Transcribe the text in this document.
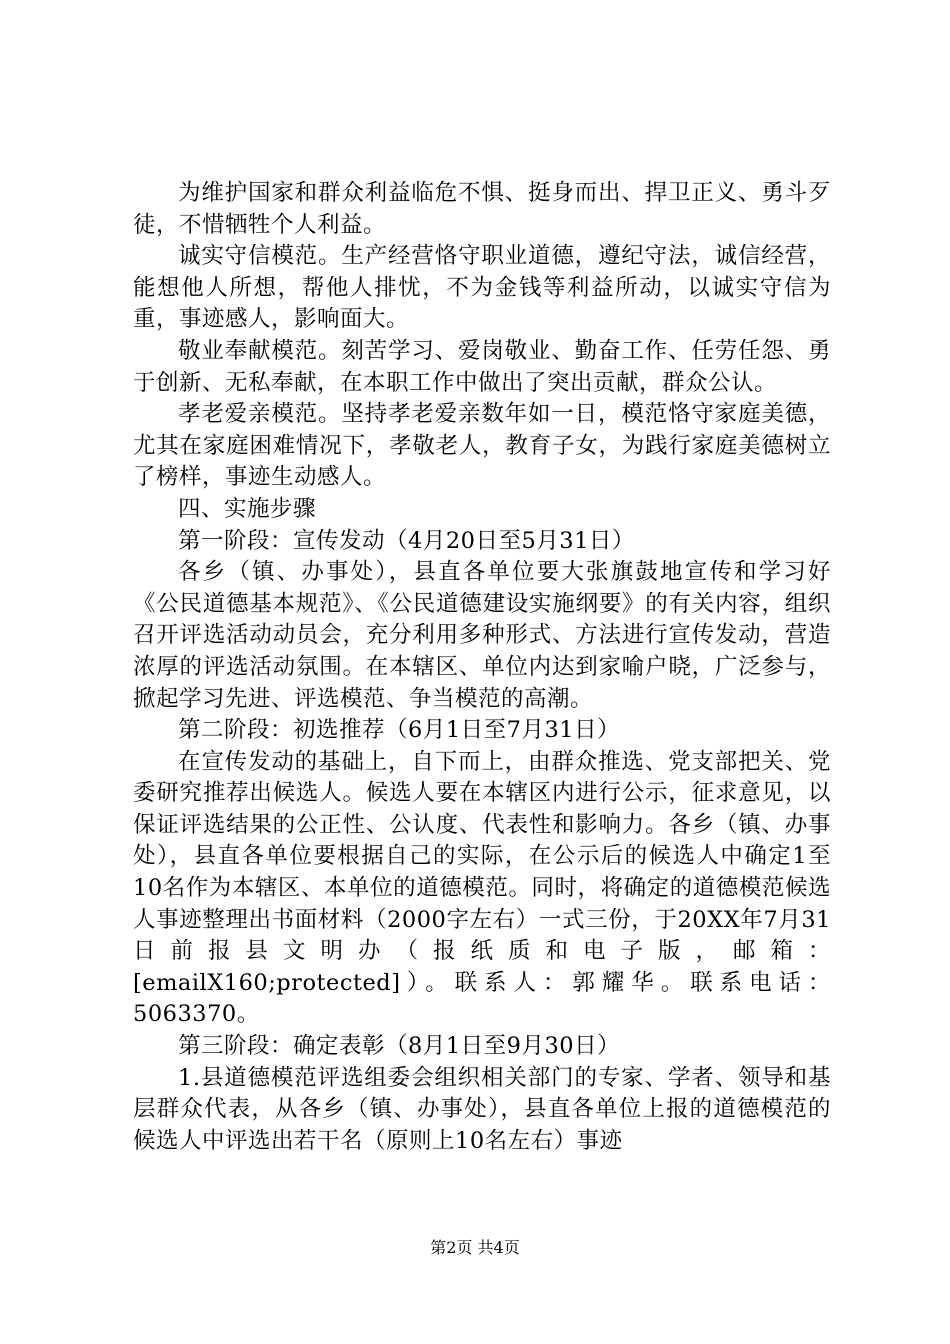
为维护国家和群众利益临危不惧、挺身而出、捍卫正义、勇斗歹徒，不惜牺牲个人利益。

诚实守信模范。生产经营恪守职业道德，遵纪守法，诚信经营，能想他人所想，帮他人排忧，不为金钱等利益所动，以诚实守信为重，事迹感人，影响面大。

敬业奉献模范。刻苦学习、爱岗敬业、勤奋工作、任劳任怨、勇于创新、无私奉献，在本职工作中做出了突出贡献，群众公认。

孝老爱亲模范。坚持孝老爱亲数年如一日，模范恪守家庭美德，尤其在家庭困难情况下，孝敬老人，教育子女，为践行家庭美德树立了榜样，事迹生动感人。

四、实施步骤

第一阶段：宣传发动（4月20日至5月31日）

各乡（镇、办事处），县直各单位要大张旗鼓地宣传和学习好《公民道德基本规范》、《公民道德建设实施纲要》的有关内容，组织召开评选活动动员会，充分利用多种形式、方法进行宣传发动，营造浓厚的评选活动氛围。在本辖区、单位内达到家喻户晓，广泛参与，掀起学习先进、评选模范、争当模范的高潮。

第二阶段：初选推荐（6月1日至7月31日）

在宣传发动的基础上，自下而上，由群众推选、党支部把关、党委研究推荐出候选人。候选人要在本辖区内进行公示，征求意见，以保证评选结果的公正性、公认度、代表性和影响力。各乡（镇、办事处），县直各单位要根据自己的实际，在公示后的候选人中确定1至10名作为本辖区、本单位的道德模范。同时，将确定的道德模范候选人事迹整理出书面材料（2000字左右）一式三份，于20XX年7月31日前报县文明办（报纸质和电子版，邮箱：[emailX160;protected]）。联系人：郭耀华。联系电话：5063370。

第三阶段：确定表彰（8月1日至9月30日）

1.县道德模范评选组委会组织相关部门的专家、学者、领导和基层群众代表，从各乡（镇、办事处），县直各单位上报的道德模范的候选人中评选出若干名（原则上10名左右）事迹

第2页 共4页
